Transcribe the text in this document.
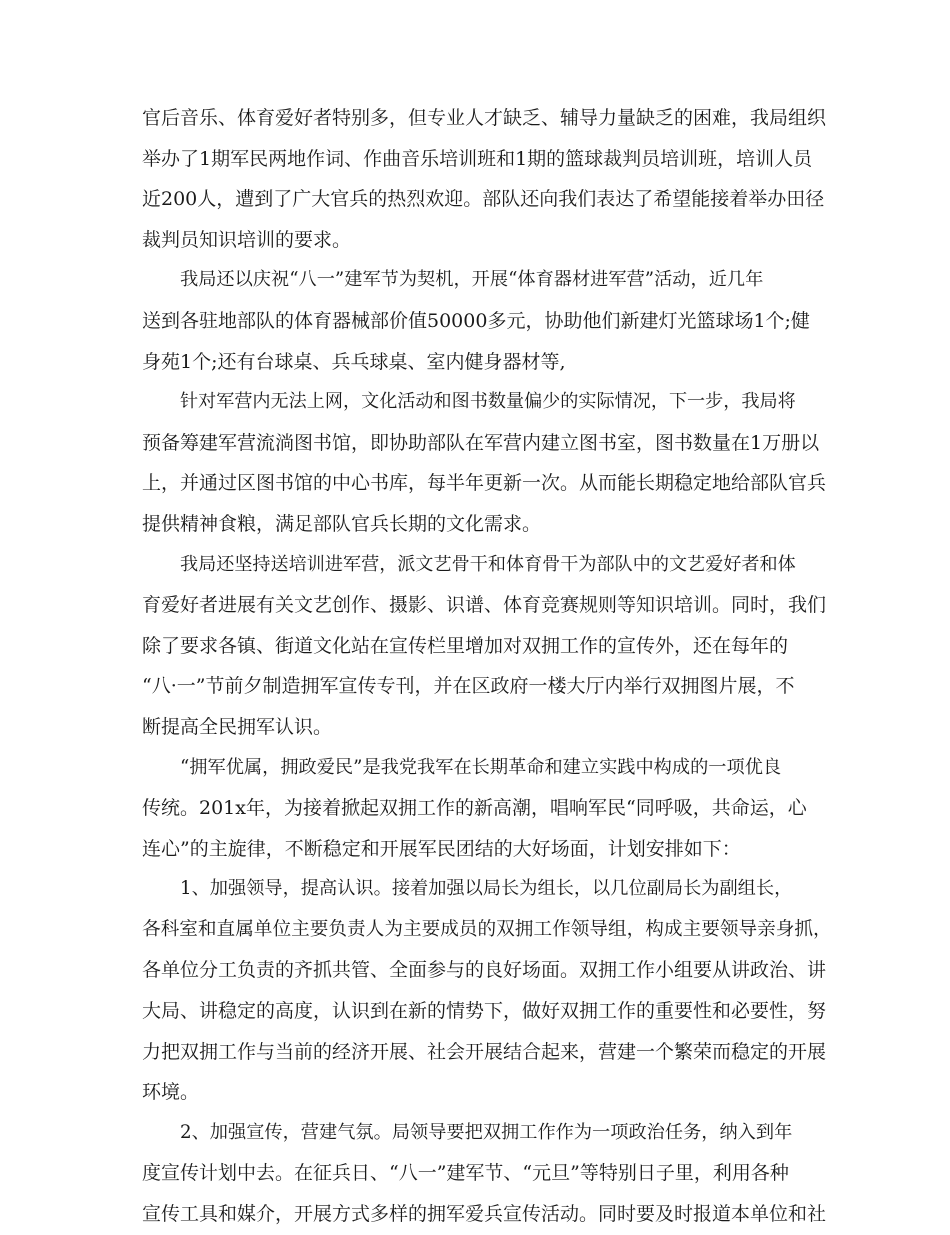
官后音乐、体育爱好者特别多，但专业人才缺乏、辅导力量缺乏的困难，我局组织
举办了1期军民两地作词、作曲音乐培训班和1期的篮球裁判员培训班，培训人员
近200人，遭到了广大官兵的热烈欢迎。部队还向我们表达了希望能接着举办田径
裁判员知识培训的要求。
我局还以庆祝“八一”建军节为契机，开展“体育器材进军营”活动，近几年
送到各驻地部队的体育器械部价值50000多元，协助他们新建灯光篮球场1个;健
身苑1个;还有台球桌、兵乓球桌、室内健身器材等,
针对军营内无法上网，文化活动和图书数量偏少的实际情况，下一步，我局将
预备筹建军营流淌图书馆，即协助部队在军营内建立图书室，图书数量在1万册以
上，并通过区图书馆的中心书库，每半年更新一次。从而能长期稳定地给部队官兵
提供精神食粮，满足部队官兵长期的文化需求。
我局还坚持送培训进军营，派文艺骨干和体育骨干为部队中的文艺爱好者和体
育爱好者进展有关文艺创作、摄影、识谱、体育竞赛规则等知识培训。同时，我们
除了要求各镇、街道文化站在宣传栏里增加对双拥工作的宣传外，还在每年的
“八·一”节前夕制造拥军宣传专刊，并在区政府一楼大厅内举行双拥图片展，不
断提高全民拥军认识。
“拥军优属，拥政爱民”是我党我军在长期革命和建立实践中构成的一项优良
传统。201x年，为接着掀起双拥工作的新高潮，唱响军民“同呼吸，共命运，心
连心”的主旋律，不断稳定和开展军民团结的大好场面，计划安排如下：
1、加强领导，提高认识。接着加强以局长为组长，以几位副局长为副组长，
各科室和直属单位主要负责人为主要成员的双拥工作领导组，构成主要领导亲身抓，
各单位分工负责的齐抓共管、全面参与的良好场面。双拥工作小组要从讲政治、讲
大局、讲稳定的高度，认识到在新的情势下，做好双拥工作的重要性和必要性，努
力把双拥工作与当前的经济开展、社会开展结合起来，营建一个繁荣而稳定的开展
环境。
2、加强宣传，营建气氛。局领导要把双拥工作作为一项政治任务，纳入到年
度宣传计划中去。在征兵日、“八一”建军节、“元旦”等特别日子里，利用各种
宣传工具和媒介，开展方式多样的拥军爱兵宣传活动。同时要及时报道本单位和社
